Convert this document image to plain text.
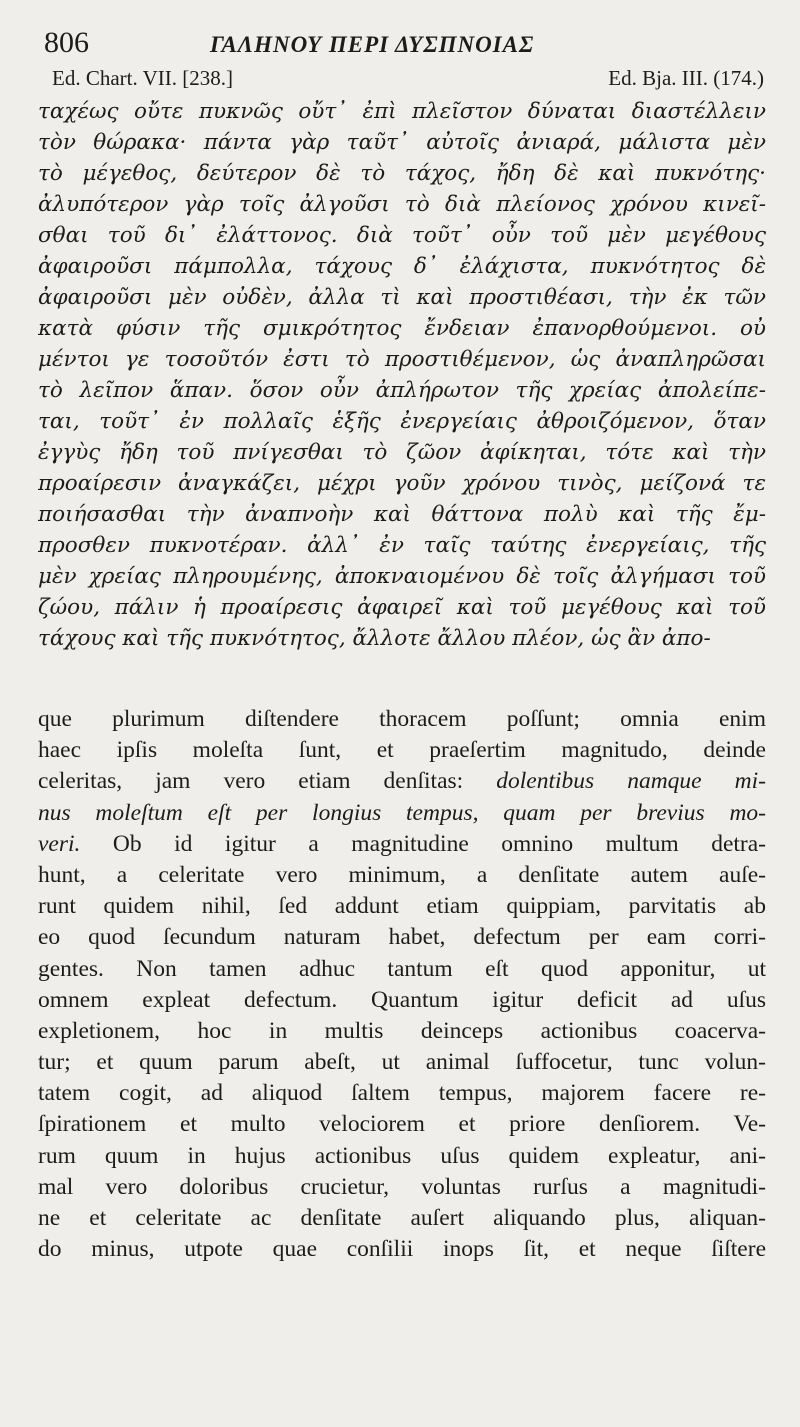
806	ΓΑΛΗΝΟΥ ΠΕΡΙ ΔΥΣΠΝΟΙΑΣ
Ed. Chart. VII. [238.]	Ed. Bja. III. (174.)
ταχέως οὔτε πυκνῶς οὔτ᾽ ἐπὶ πλεῖστον δύναται διαστέλλειν
τὸν θώρακα· πάντα γὰρ ταῦτ᾽ αὐτοῖς ἀνιαρά, μάλιστα μὲν
τὸ μέγεθος, δεύτερον δὲ τὸ τάχος, ἤδη δὲ καὶ πυκνότης·
ἀλυπότερον γὰρ τοῖς ἀλγοῦσι τὸ διὰ πλείονος χρόνου κινεῖ-
σθαι τοῦ δι᾽ ἐλάττονος. διὰ τοῦτ᾽ οὖν τοῦ μὲν μεγέθους
ἀφαιροῦσι πάμπολλα, τάχους δ᾽ ἐλάχιστα, πυκνότητος δὲ
ἀφαιροῦσι μὲν οὐδὲν, ἀλλα τὶ καὶ προστιθέασι, τὴν ἐκ τῶν
κατὰ φύσιν τῆς σμικρότητος ἔνδειαν ἐπανορθούμενοι. οὐ
μέντοι γε τοσοῦτόν ἐστι τὸ προστιθέμενον, ὡς ἀναπληρῶσαι
τὸ λεῖπον ἅπαν. ὅσον οὖν ἀπλήρωτον τῆς χρείας ἀπολείπε-
ται, τοῦτ᾽ ἐν πολλαῖς ἑξῆς ἐνεργείαις ἀθροιζόμενον, ὅταν
ἐγγὺς ἤδη τοῦ πνίγεσθαι τὸ ζῶον ἀφίκηται, τότε καὶ τὴν
προαίρεσιν ἀναγκάζει, μέχρι γοῦν χρόνου τινὸς, μείζονά τε
ποιήσασθαι τὴν ἀναπνοὴν καὶ θάττονα πολὺ καὶ τῆς ἔμ-
προσθεν πυκνοτέραν. ἀλλ᾽ ἐν ταῖς ταύτης ἐνεργείαις, τῆς
μὲν χρείας πληρουμένης, ἀποκναιομένου δὲ τοῖς ἀλγήμασι τοῦ
ζώου, πάλιν ἡ προαίρεσις ἀφαιρεῖ καὶ τοῦ μεγέθους καὶ τοῦ
τάχους καὶ τῆς πυκνότητος, ἄλλοτε ἄλλου πλέον, ὡς ἂν ἀπο-
que plurimum diſtendere thoracem poſſunt; omnia enim
haec ipſis moleſta ſunt, et praeſertim magnitudo, deinde
celeritas, jam vero etiam denſitas: dolentibus namque mi-
nus moleſtum eſt per longius tempus, quam per brevius mo-
veri. Ob id igitur a magnitudine omnino multum detra-
hunt, a celeritate vero minimum, a denſitate autem auſe-
runt quidem nihil, ſed addunt etiam quippiam, parvitatis ab
eo quod ſecundum naturam habet, defectum per eam corri-
gentes. Non tamen adhuc tantum eſt quod apponitur, ut
omnem expleat defectum. Quantum igitur deficit ad uſus
expletionem, hoc in multis deinceps actionibus coacerva-
tur; et quum parum abeſt, ut animal ſuffocetur, tunc volun-
tatem cogit, ad aliquod ſaltem tempus, majorem facere re-
ſpirationem et multo velociorem et priore denſiorem. Ve-
rum quum in hujus actionibus uſus quidem expleatur, ani-
mal vero doloribus crucietur, voluntas rurſus a magnitudi-
ne et celeritate ac denſitate auſert aliquando plus, aliquan-
do minus, utpote quae conſilii inops ſit, et neque ſiſtere
